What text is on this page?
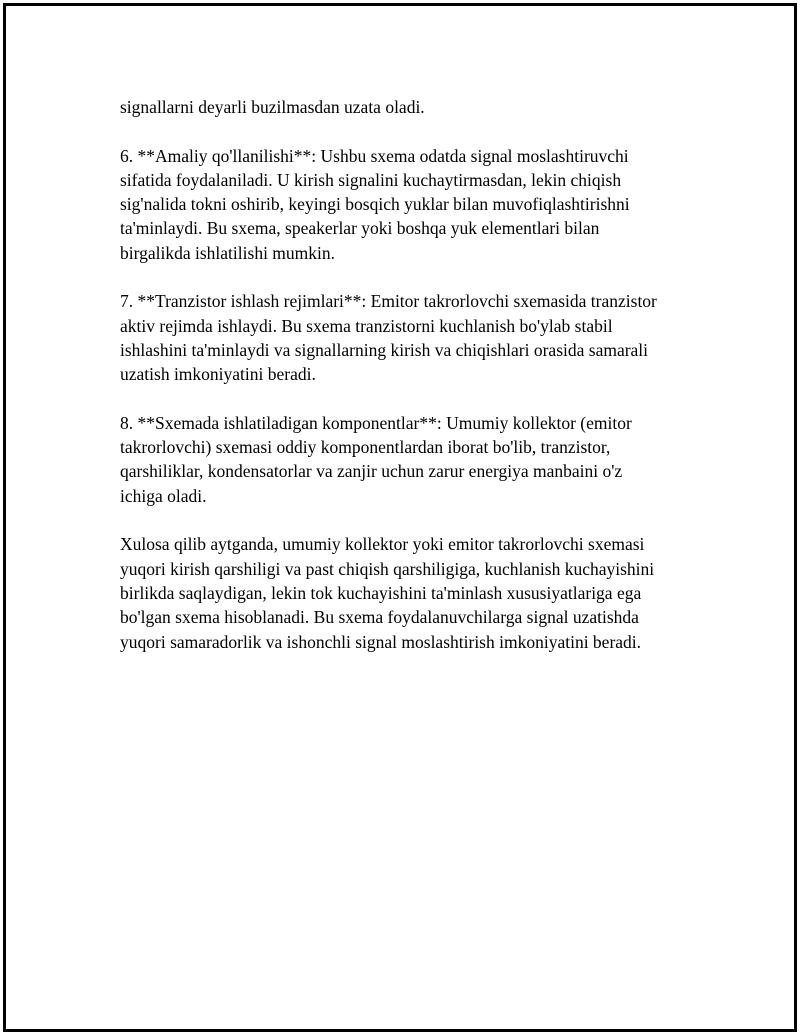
signallarni deyarli buzilmasdan uzata oladi.

6. **Amaliy qo'llanilishi**: Ushbu sxema odatda signal moslashtiruvchi
sifatida foydalaniladi. U kirish signalini kuchaytirmasdan, lekin chiqish
sig'nalida tokni oshirib, keyingi bosqich yuklar bilan muvofiqlashtirishni
ta'minlaydi. Bu sxema, speakerlar yoki boshqa yuk elementlari bilan
birgalikda ishlatilishi mumkin.

7. **Tranzistor ishlash rejimlari**: Emitor takrorlovchi sxemasida tranzistor
aktiv rejimda ishlaydi. Bu sxema tranzistorni kuchlanish bo'ylab stabil
ishlashini ta'minlaydi va signallarning kirish va chiqishlari orasida samarali
uzatish imkoniyatini beradi.

8. **Sxemada ishlatiladigan komponentlar**: Umumiy kollektor (emitor
takrorlovchi) sxemasi oddiy komponentlardan iborat bo'lib, tranzistor,
qarshiliklar, kondensatorlar va zanjir uchun zarur energiya manbaini o'z
ichiga oladi.

Xulosa qilib aytganda, umumiy kollektor yoki emitor takrorlovchi sxemasi
yuqori kirish qarshiligi va past chiqish qarshiligiga, kuchlanish kuchayishini
birlikda saqlaydigan, lekin tok kuchayishini ta'minlash xususiyatlariga ega
bo'lgan sxema hisoblanadi. Bu sxema foydalanuvchilarga signal uzatishda
yuqori samaradorlik va ishonchli signal moslashtirish imkoniyatini beradi.
